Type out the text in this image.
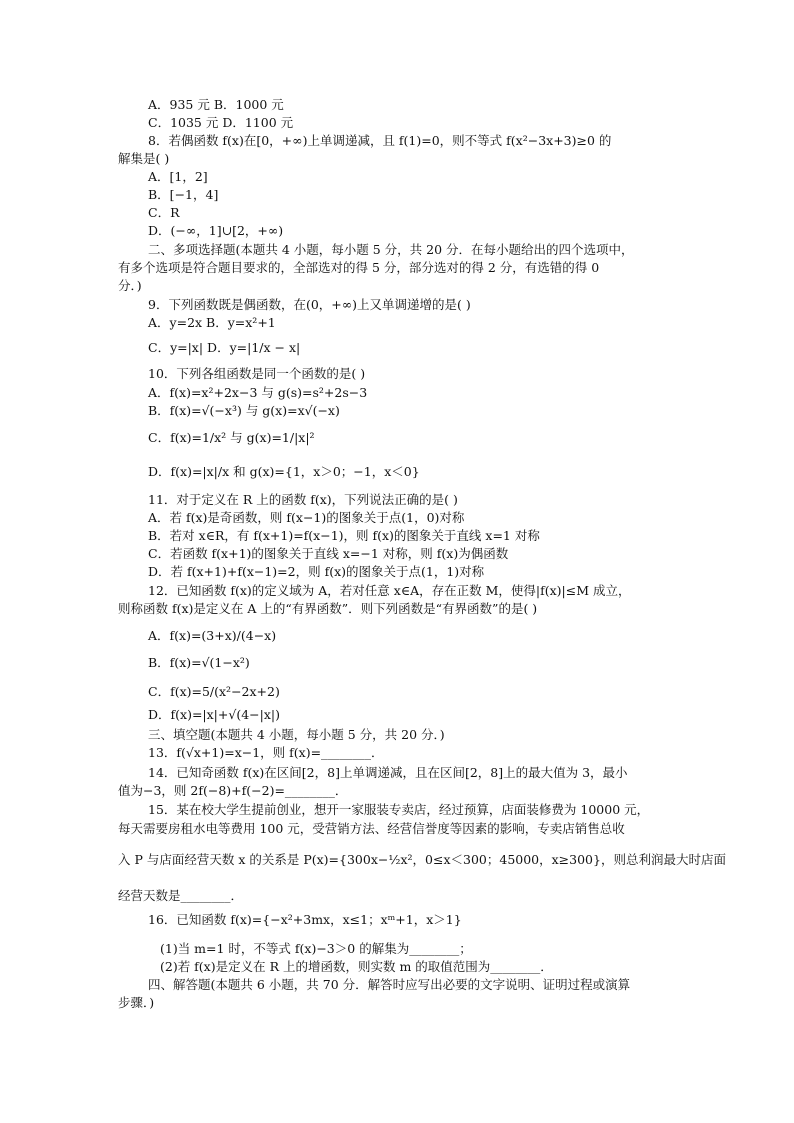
A．935 元 B．1000 元
C．1035 元 D．1100 元
8．若偶函数 f(x)在[0，+∞)上单调递减，且 f(1)=0，则不等式 f(x²−3x+3)≥0 的
解集是( )
A．[1，2]
B．[−1，4]
C．R
D．(−∞，1]∪[2，+∞)
二、多项选择题(本题共 4 小题，每小题 5 分，共 20 分．在每小题给出的四个选项中，
有多个选项是符合题目要求的，全部选对的得 5 分，部分选对的得 2 分，有选错的得 0
分．)
9．下列函数既是偶函数，在(0，+∞)上又单调递增的是( )
A．y=2x B．y=x²+1
C．y=|x| D．y=|1/x − x|
10．下列各组函数是同一个函数的是( )
A．f(x)=x²+2x−3 与 g(s)=s²+2s−3
B．f(x)=√(−x³) 与 g(x)=x√(−x)
C．f(x)=1/x² 与 g(x)=1/|x|²
D．f(x)=|x|/x 和 g(x)={1，x＞0；−1，x＜0}
11．对于定义在 R 上的函数 f(x)，下列说法正确的是( )
A．若 f(x)是奇函数，则 f(x−1)的图象关于点(1，0)对称
B．若对 x∈R，有 f(x+1)=f(x−1)，则 f(x)的图象关于直线 x=1 对称
C．若函数 f(x+1)的图象关于直线 x=−1 对称，则 f(x)为偶函数
D．若 f(x+1)+f(x−1)=2，则 f(x)的图象关于点(1，1)对称
12．已知函数 f(x)的定义域为 A，若对任意 x∈A，存在正数 M，使得|f(x)|≤M 成立，
则称函数 f(x)是定义在 A 上的“有界函数”．则下列函数是“有界函数”的是( )
A．f(x)=(3+x)/(4−x)
B．f(x)=√(1−x²)
C．f(x)=5/(x²−2x+2)
D．f(x)=|x|+√(4−|x|)
三、填空题(本题共 4 小题，每小题 5 分，共 20 分．)
13．f(√x+1)=x−1，则 f(x)=________．
14．已知奇函数 f(x)在区间[2，8]上单调递减，且在区间[2，8]上的最大值为 3，最小
值为−3，则 2f(−8)+f(−2)=________．
15．某在校大学生提前创业，想开一家服装专卖店，经过预算，店面装修费为 10000 元，
每天需要房租水电等费用 100 元，受营销方法、经营信誉度等因素的影响，专卖店销售总收
入 P 与店面经营天数 x 的关系是 P(x)={300x−½x²，0≤x＜300；45000，x≥300}，则总利润最大时店面
经营天数是________．
16．已知函数 f(x)={−x²+3mx，x≤1；xᵐ+1，x＞1}
(1)当 m=1 时，不等式 f(x)−3＞0 的解集为________；
(2)若 f(x)是定义在 R 上的增函数，则实数 m 的取值范围为________．
四、解答题(本题共 6 小题，共 70 分．解答时应写出必要的文字说明、证明过程或演算
步骤．)
